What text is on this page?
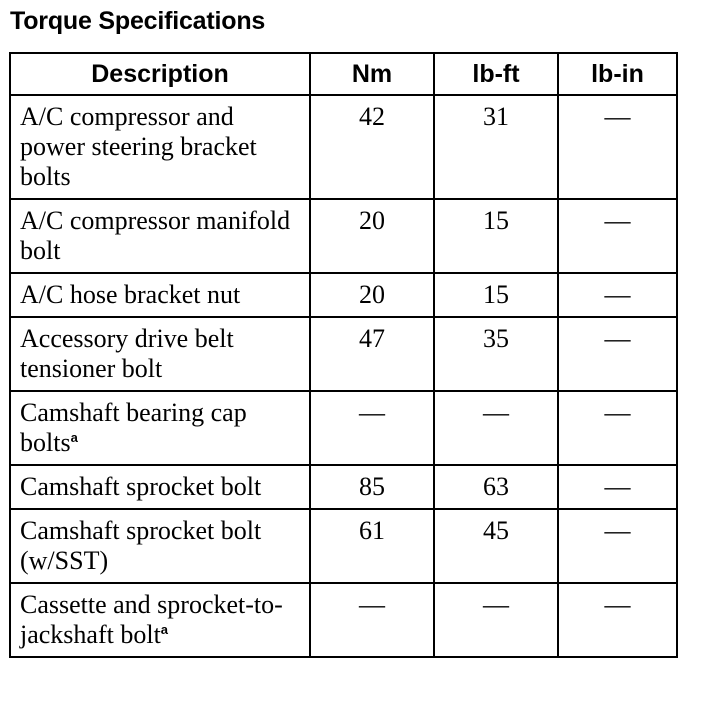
Torque Specifications
Description	Nm	lb-ft	lb-in
A/C compressor and power steering bracket bolts	42	31	—
A/C compressor manifold bolt	20	15	—
A/C hose bracket nut	20	15	—
Accessory drive belt tensioner bolt	47	35	—
Camshaft bearing cap bolts$^a$	—	—	—
Camshaft sprocket bolt	85	63	—
Camshaft sprocket bolt (w/SST)	61	45	—
Cassette and sprocket-to-jackshaft bolt$^a$	—	—	—
